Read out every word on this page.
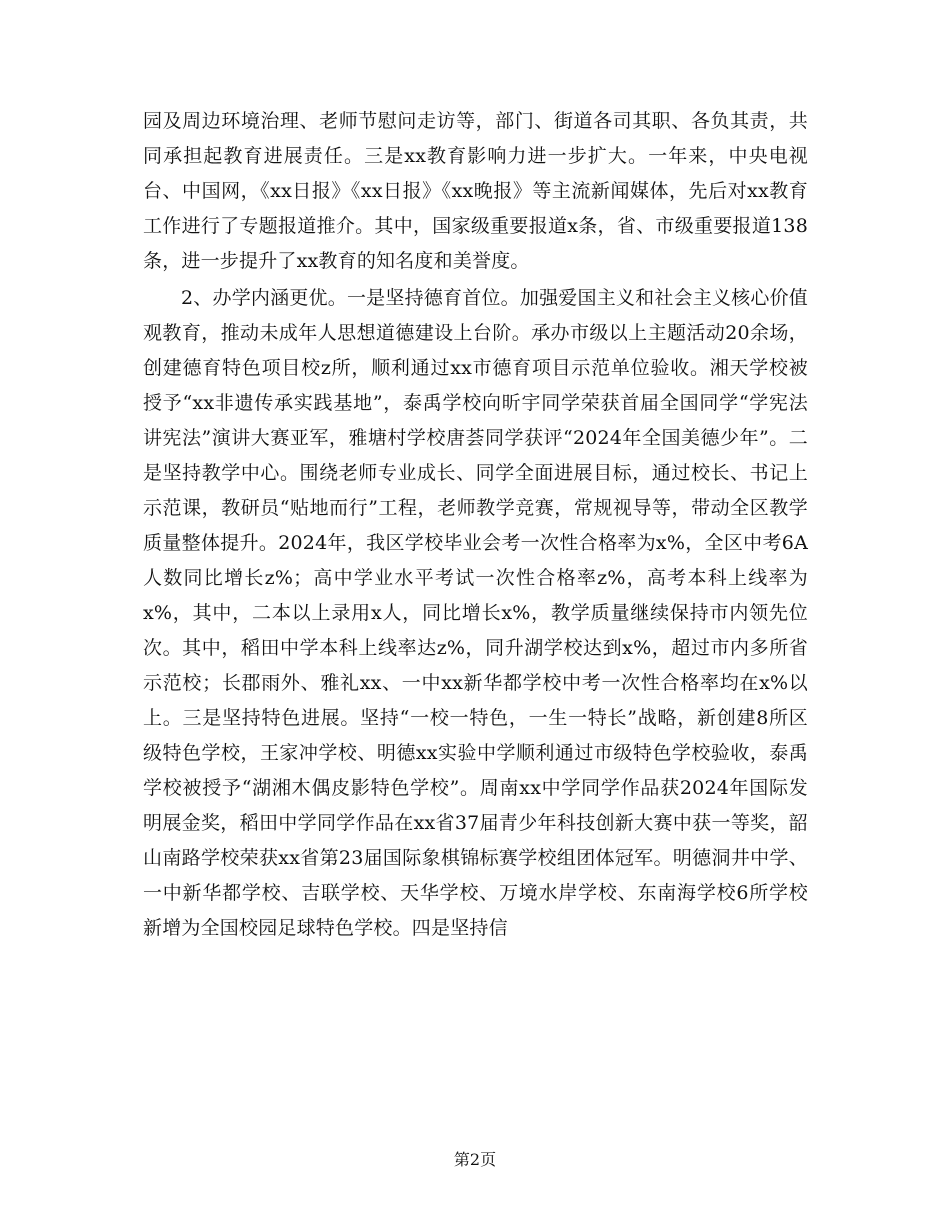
园及周边环境治理、老师节慰问走访等，部门、街道各司其职、各负其责，共同承担起教育进展责任。三是xx教育影响力进一步扩大。一年来，中央电视台、中国网，《xx日报》《xx日报》《xx晚报》等主流新闻媒体，先后对xx教育工作进行了专题报道推介。其中，国家级重要报道x条，省、市级重要报道138条，进一步提升了xx教育的知名度和美誉度。

2、办学内涵更优。一是坚持德育首位。加强爱国主义和社会主义核心价值观教育，推动未成年人思想道德建设上台阶。承办市级以上主题活动20余场，创建德育特色项目校z所，顺利通过xx市德育项目示范单位验收。湘天学校被授予“xx非遗传承实践基地”，泰禹学校向昕宇同学荣获首届全国同学“学宪法讲宪法”演讲大赛亚军，雅塘村学校唐荟同学获评“2024年全国美德少年”。二是坚持教学中心。围绕老师专业成长、同学全面进展目标，通过校长、书记上示范课，教研员“贴地而行”工程，老师教学竞赛，常规视导等，带动全区教学质量整体提升。2024年，我区学校毕业会考一次性合格率为x%，全区中考6A人数同比增长z%；高中学业水平考试一次性合格率z%，高考本科上线率为x%，其中，二本以上录用x人，同比增长x%，教学质量继续保持市内领先位次。其中，稻田中学本科上线率达z%，同升湖学校达到x%，超过市内多所省示范校；长郡雨外、雅礼xx、一中xx新华都学校中考一次性合格率均在x%以上。三是坚持特色进展。坚持“一校一特色，一生一特长”战略，新创建8所区级特色学校，王家冲学校、明德xx实验中学顺利通过市级特色学校验收，泰禹学校被授予“湖湘木偶皮影特色学校”。周南xx中学同学作品获2024年国际发明展金奖，稻田中学同学作品在xx省37届青少年科技创新大赛中获一等奖，韶山南路学校荣获xx省第23届国际象棋锦标赛学校组团体冠军。明德洞井中学、一中新华都学校、吉联学校、天华学校、万境水岸学校、东南海学校6所学校新增为全国校园足球特色学校。四是坚持信

第2页
